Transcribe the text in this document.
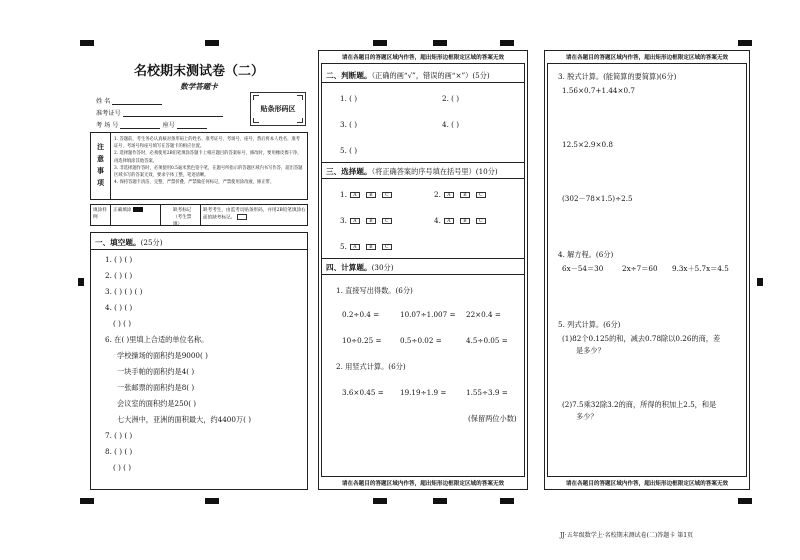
名校期末测试卷（二）
数学答题卡
姓 名
准考证号
考 场 号	座号
贴条形码区
注
意
事
项
1. 答题前，考生务必认真核对条形码上的姓名、准考证号、考场号、座号，然后将本人姓名、准考证号、考场号和座号填写在答题卡的相应位置。
2. 选择题作答时，必须使用2B铅笔填涂答题卡上相应题目的答案标号，修改时，要用橡皮擦干净，再选择填涂其他答案。
3. 非选择题作答时，必须使用0.5毫米黑色签字笔，在题号所指示的答题区域内书写作答，超出答题区域书写的答案无效，要求字体工整，笔迹清晰。
4. 保持答题卡清洁、完整，严禁折叠，严禁做任何标记，严禁使用涂改液、修正带。
填涂样例
正确填涂	缺考标记
（考生禁填）
缺考考生，由监考员贴条形码，并用2B铅笔填涂右面的缺考标记。
一、填空题。(25分)
1. ( ) ( )
2. ( ) ( )
3. ( ) ( ) ( )
4. ( ) ( )
( ) ( )
6. 在( )里填上合适的单位名称。
学校操场的面积约是9000( )
一块手帕的面积约是4( )
一张邮票的面积约是8( )
会议室的面积约是250( )
七大洲中，亚洲的面积最大，约4400万( )
7. ( ) ( )
8. ( ) ( )
( ) ( )
请在各题目的答题区域内作答，超出矩形边框限定区域的答案无效
二、判断题。（正确的画“√”，错误的画“×”）(5分)
1. ( )	2. ( )
3. ( )	4. ( )
5. ( )
三、选择题。（将正确答案的序号填在括号里）(10分)
1. A	B	C	2. A	B	C
3. A	B	C	4. A	B	C
5. A	B	C
四、计算题。(30分)
1. 直接写出得数。(6分)
0.2÷0.4 =	10.07÷1.007 = 22×0.4 =
10÷0.25 =	0.5÷0.02 =	4.5÷0.05 =
2. 用竖式计算。(6分)
3.6×0.45 = 19.19÷1.9 =	1.55÷3.9 =
(保留两位小数)
请在各题目的答题区域内作答，超出矩形边框限定区域的答案无效
请在各题目的答题区域内作答，超出矩形边框限定区域的答案无效
3. 脱式计算。(能简算的要简算)(6分)
1.56×0.7+1.44×0.7
12.5×2.9×0.8
(302－78×1.5)÷2.5
4. 解方程。(6分)
6x－54＝30	2x÷7＝60 9.3x＋5.7x＝4.5
5. 列式计算。(6分)
(1)82个0.125的和，减去0.78除以0.26的商，差
是多少？
(2)7.5乘32除3.2的商，所得的积加上2.5，和是
多少？
请在各题目的答题区域内作答，超出矩形边框限定区域的答案无效
JJ·五年级数学上·名校期末测试卷(二)答题卡 第1页
